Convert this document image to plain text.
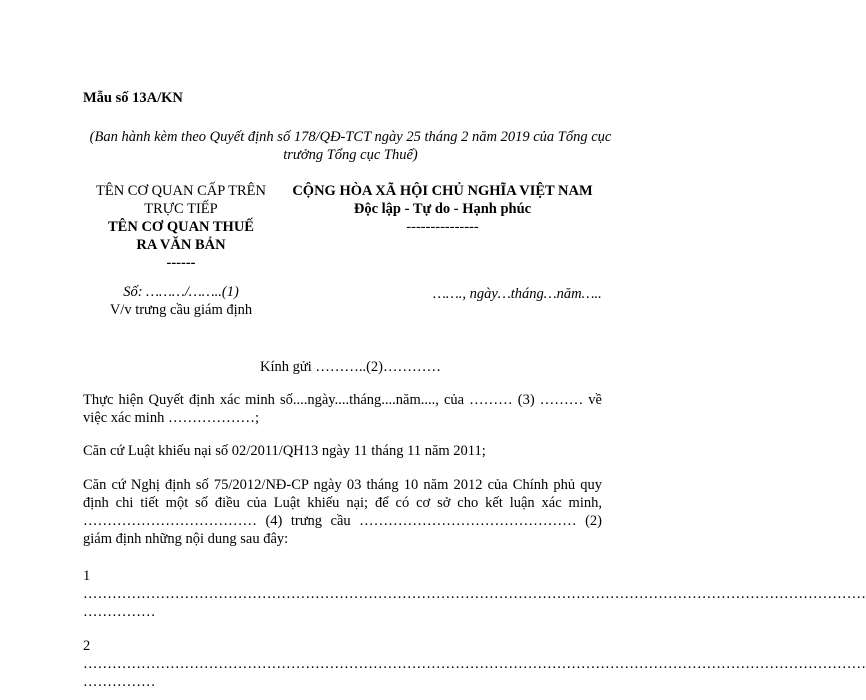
Mẫu số 13A/KN
(Ban hành kèm theo Quyết định số 178/QĐ-TCT ngày 25 tháng 2 năm 2019 của Tổng cục trưởng Tổng cục Thuế)
TÊN CƠ QUAN CẤP TRÊN
TRỰC TIẾP
TÊN CƠ QUAN THUẾ
RA VĂN BẢN
------
CỘNG HÒA XÃ HỘI CHỦ NGHĨA VIỆT NAM
Độc lập - Tự do - Hạnh phúc
---------------
Số: ………/……..(1)
V/v trưng cầu giám định
……., ngày…tháng…năm…..
Kính gửi ………..(2)…………
Thực hiện Quyết định xác minh số....ngày....tháng....năm...., của ……… (3) ……… về việc xác minh ………………;
Căn cứ Luật khiếu nại số 02/2011/QH13 ngày 11 tháng 11 năm 2011;
Căn cứ Nghị định số 75/2012/NĐ-CP ngày 03 tháng 10 năm 2012 của Chính phủ quy định chi tiết một số điều của Luật khiếu nại; để có cơ sở cho kết luận xác minh, ……………………………… (4) trưng cầu ……………………………………… (2) giám định những nội dung sau đây:
1
………………………………………………………………………………………………………………………………………………
……………
2
………………………………………………………………………………………………………………………………………………
……………
